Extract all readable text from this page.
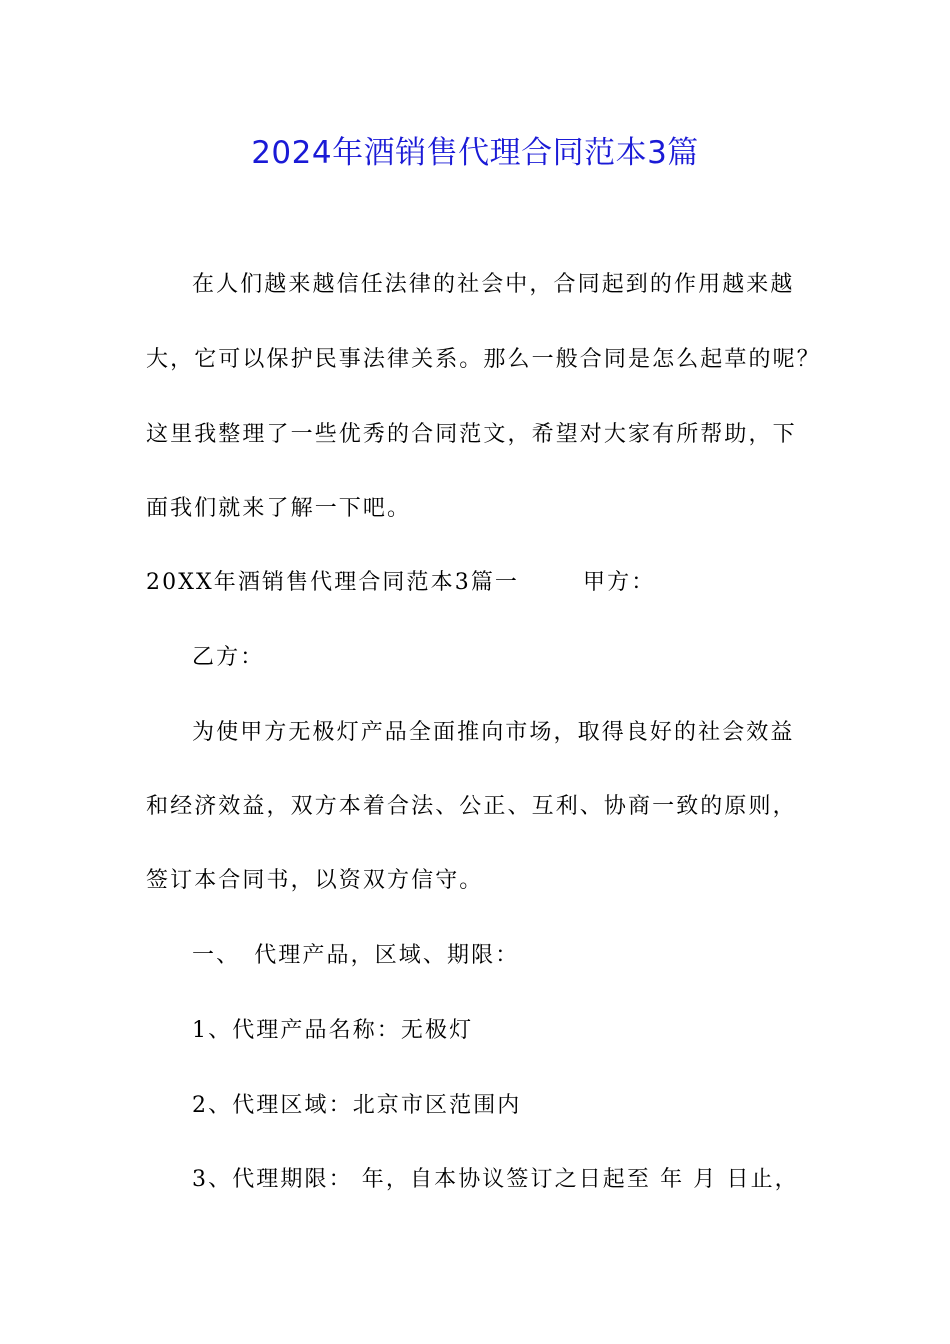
2024年酒销售代理合同范本3篇
在人们越来越信任法律的社会中，合同起到的作用越来越
大，它可以保护民事法律关系。那么一般合同是怎么起草的呢？
这里我整理了一些优秀的合同范文，希望对大家有所帮助，下
面我们就来了解一下吧。
20XX年酒销售代理合同范本3篇一	甲方：
乙方：
为使甲方无极灯产品全面推向市场，取得良好的社会效益
和经济效益，双方本着合法、公正、互利、协商一致的原则，
签订本合同书，以资双方信守。
一、 代理产品，区域、期限：
1、代理产品名称：无极灯
2、代理区域：北京市区范围内
3、代理期限： 年，自本协议签订之日起至 年 月 日止，
